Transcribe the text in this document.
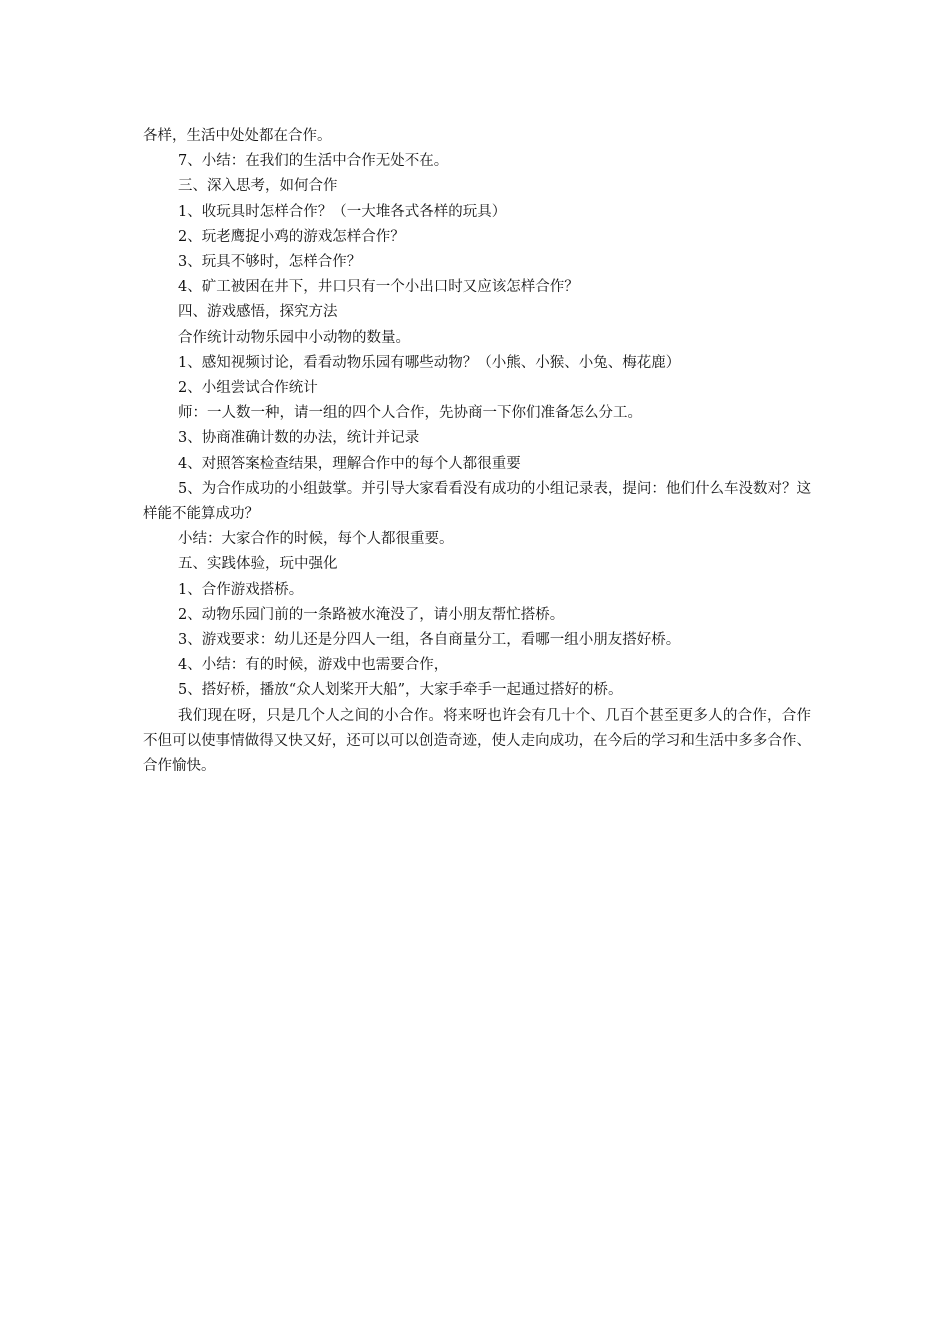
各样，生活中处处都在合作。

7、小结：在我们的生活中合作无处不在。

三、深入思考，如何合作

1、收玩具时怎样合作？（一大堆各式各样的玩具）

2、玩老鹰捉小鸡的游戏怎样合作？

3、玩具不够时，怎样合作？

4、矿工被困在井下，井口只有一个小出口时又应该怎样合作？

四、游戏感悟，探究方法

合作统计动物乐园中小动物的数量。

1、感知视频讨论，看看动物乐园有哪些动物？（小熊、小猴、小兔、梅花鹿）

2、小组尝试合作统计

师：一人数一种，请一组的四个人合作，先协商一下你们准备怎么分工。

3、协商准确计数的办法，统计并记录

4、对照答案检查结果，理解合作中的每个人都很重要

5、为合作成功的小组鼓掌。并引导大家看看没有成功的小组记录表，提问：他们什么车没数对？这样能不能算成功？

小结：大家合作的时候，每个人都很重要。

五、实践体验，玩中强化

1、合作游戏搭桥。

2、动物乐园门前的一条路被水淹没了，请小朋友帮忙搭桥。

3、游戏要求：幼儿还是分四人一组，各自商量分工，看哪一组小朋友搭好桥。

4、小结：有的时候，游戏中也需要合作，

5、搭好桥，播放“众人划桨开大船”，大家手牵手一起通过搭好的桥。

我们现在呀，只是几个人之间的小合作。将来呀也许会有几十个、几百个甚至更多人的合作，合作不但可以使事情做得又快又好，还可以可以创造奇迹，使人走向成功，在今后的学习和生活中多多合作、合作愉快。
